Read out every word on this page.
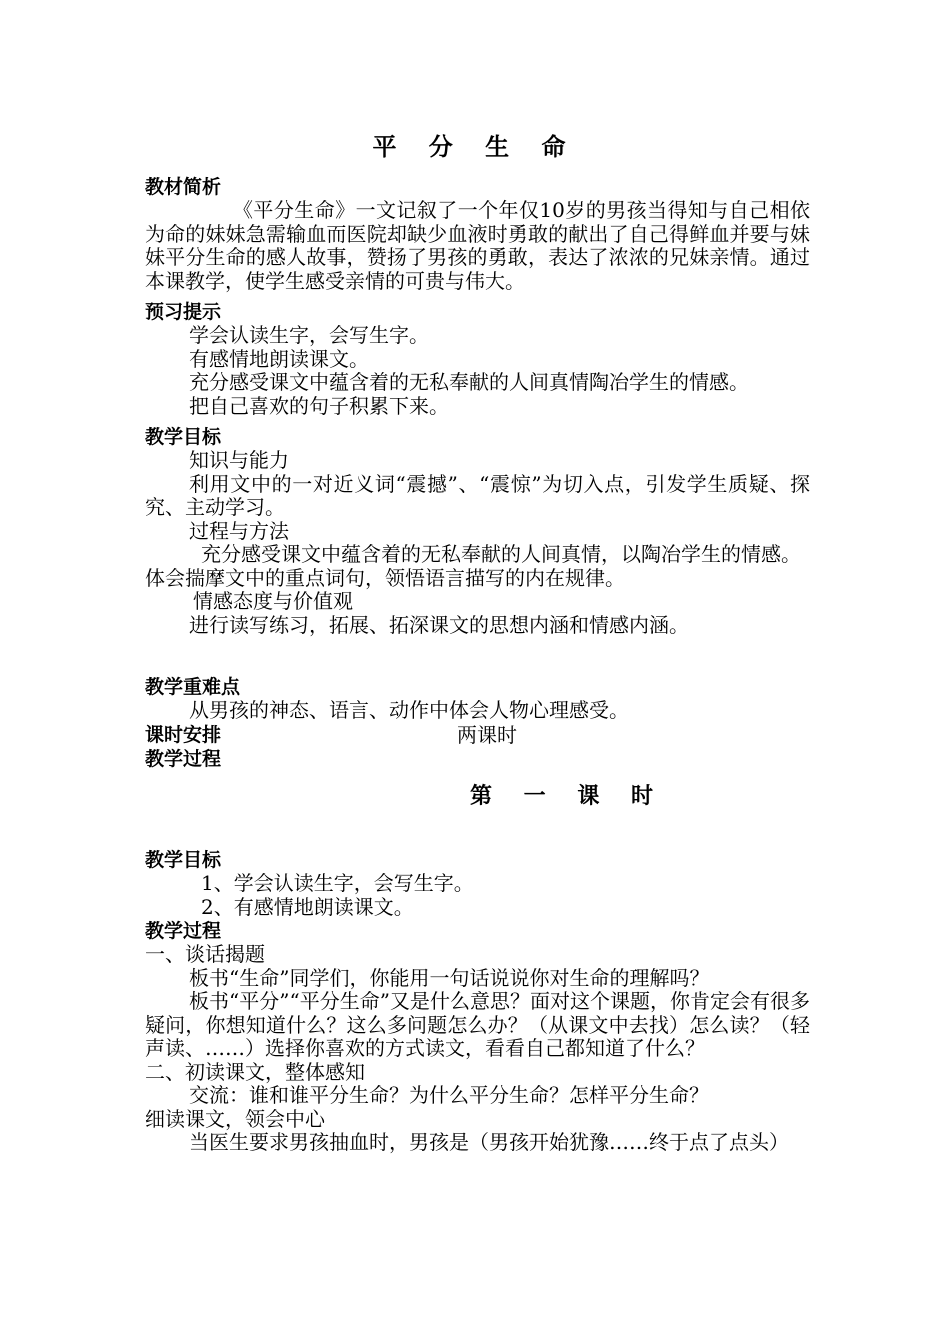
平 分 生 命

教材简析

《平分生命》一文记叙了一个年仅10岁的男孩当得知与自己相依为命的妹妹急需输血而医院却缺少血液时勇敢的献出了自己得鲜血并要与妹妹平分生命的感人故事，赞扬了男孩的勇敢，表达了浓浓的兄妹亲情。通过本课教学，使学生感受亲情的可贵与伟大。

预习提示

学会认读生字，会写生字。

有感情地朗读课文。

充分感受课文中蕴含着的无私奉献的人间真情陶冶学生的情感。

把自己喜欢的句子积累下来。

教学目标

知识与能力

利用文中的一对近义词“震撼”、“震惊”为切入点，引发学生质疑、探究、主动学习。

过程与方法

充分感受课文中蕴含着的无私奉献的人间真情，以陶冶学生的情感。

体会揣摩文中的重点词句，领悟语言描写的内在规律。

情感态度与价值观

进行读写练习，拓展、拓深课文的思想内涵和情感内涵。

教学重难点

从男孩的神态、语言、动作中体会人物心理感受。

课时安排

教学过程

两课时

第 一 课 时

教学目标

1、学会认读生字，会写生字。

2、有感情地朗读课文。

教学过程

一、谈话揭题

板书“生命”同学们，你能用一句话说说你对生命的理解吗？

板书“平分”“平分生命”又是什么意思？面对这个课题，你肯定会有很多疑问，你想知道什么？这么多问题怎么办？（从课文中去找）怎么读？（轻声读、……）选择你喜欢的方式读文，看看自己都知道了什么？

二、初读课文，整体感知

交流：谁和谁平分生命？为什么平分生命？怎样平分生命？

细读课文，领会中心

当医生要求男孩抽血时，男孩是（男孩开始犹豫……终于点了点头）
